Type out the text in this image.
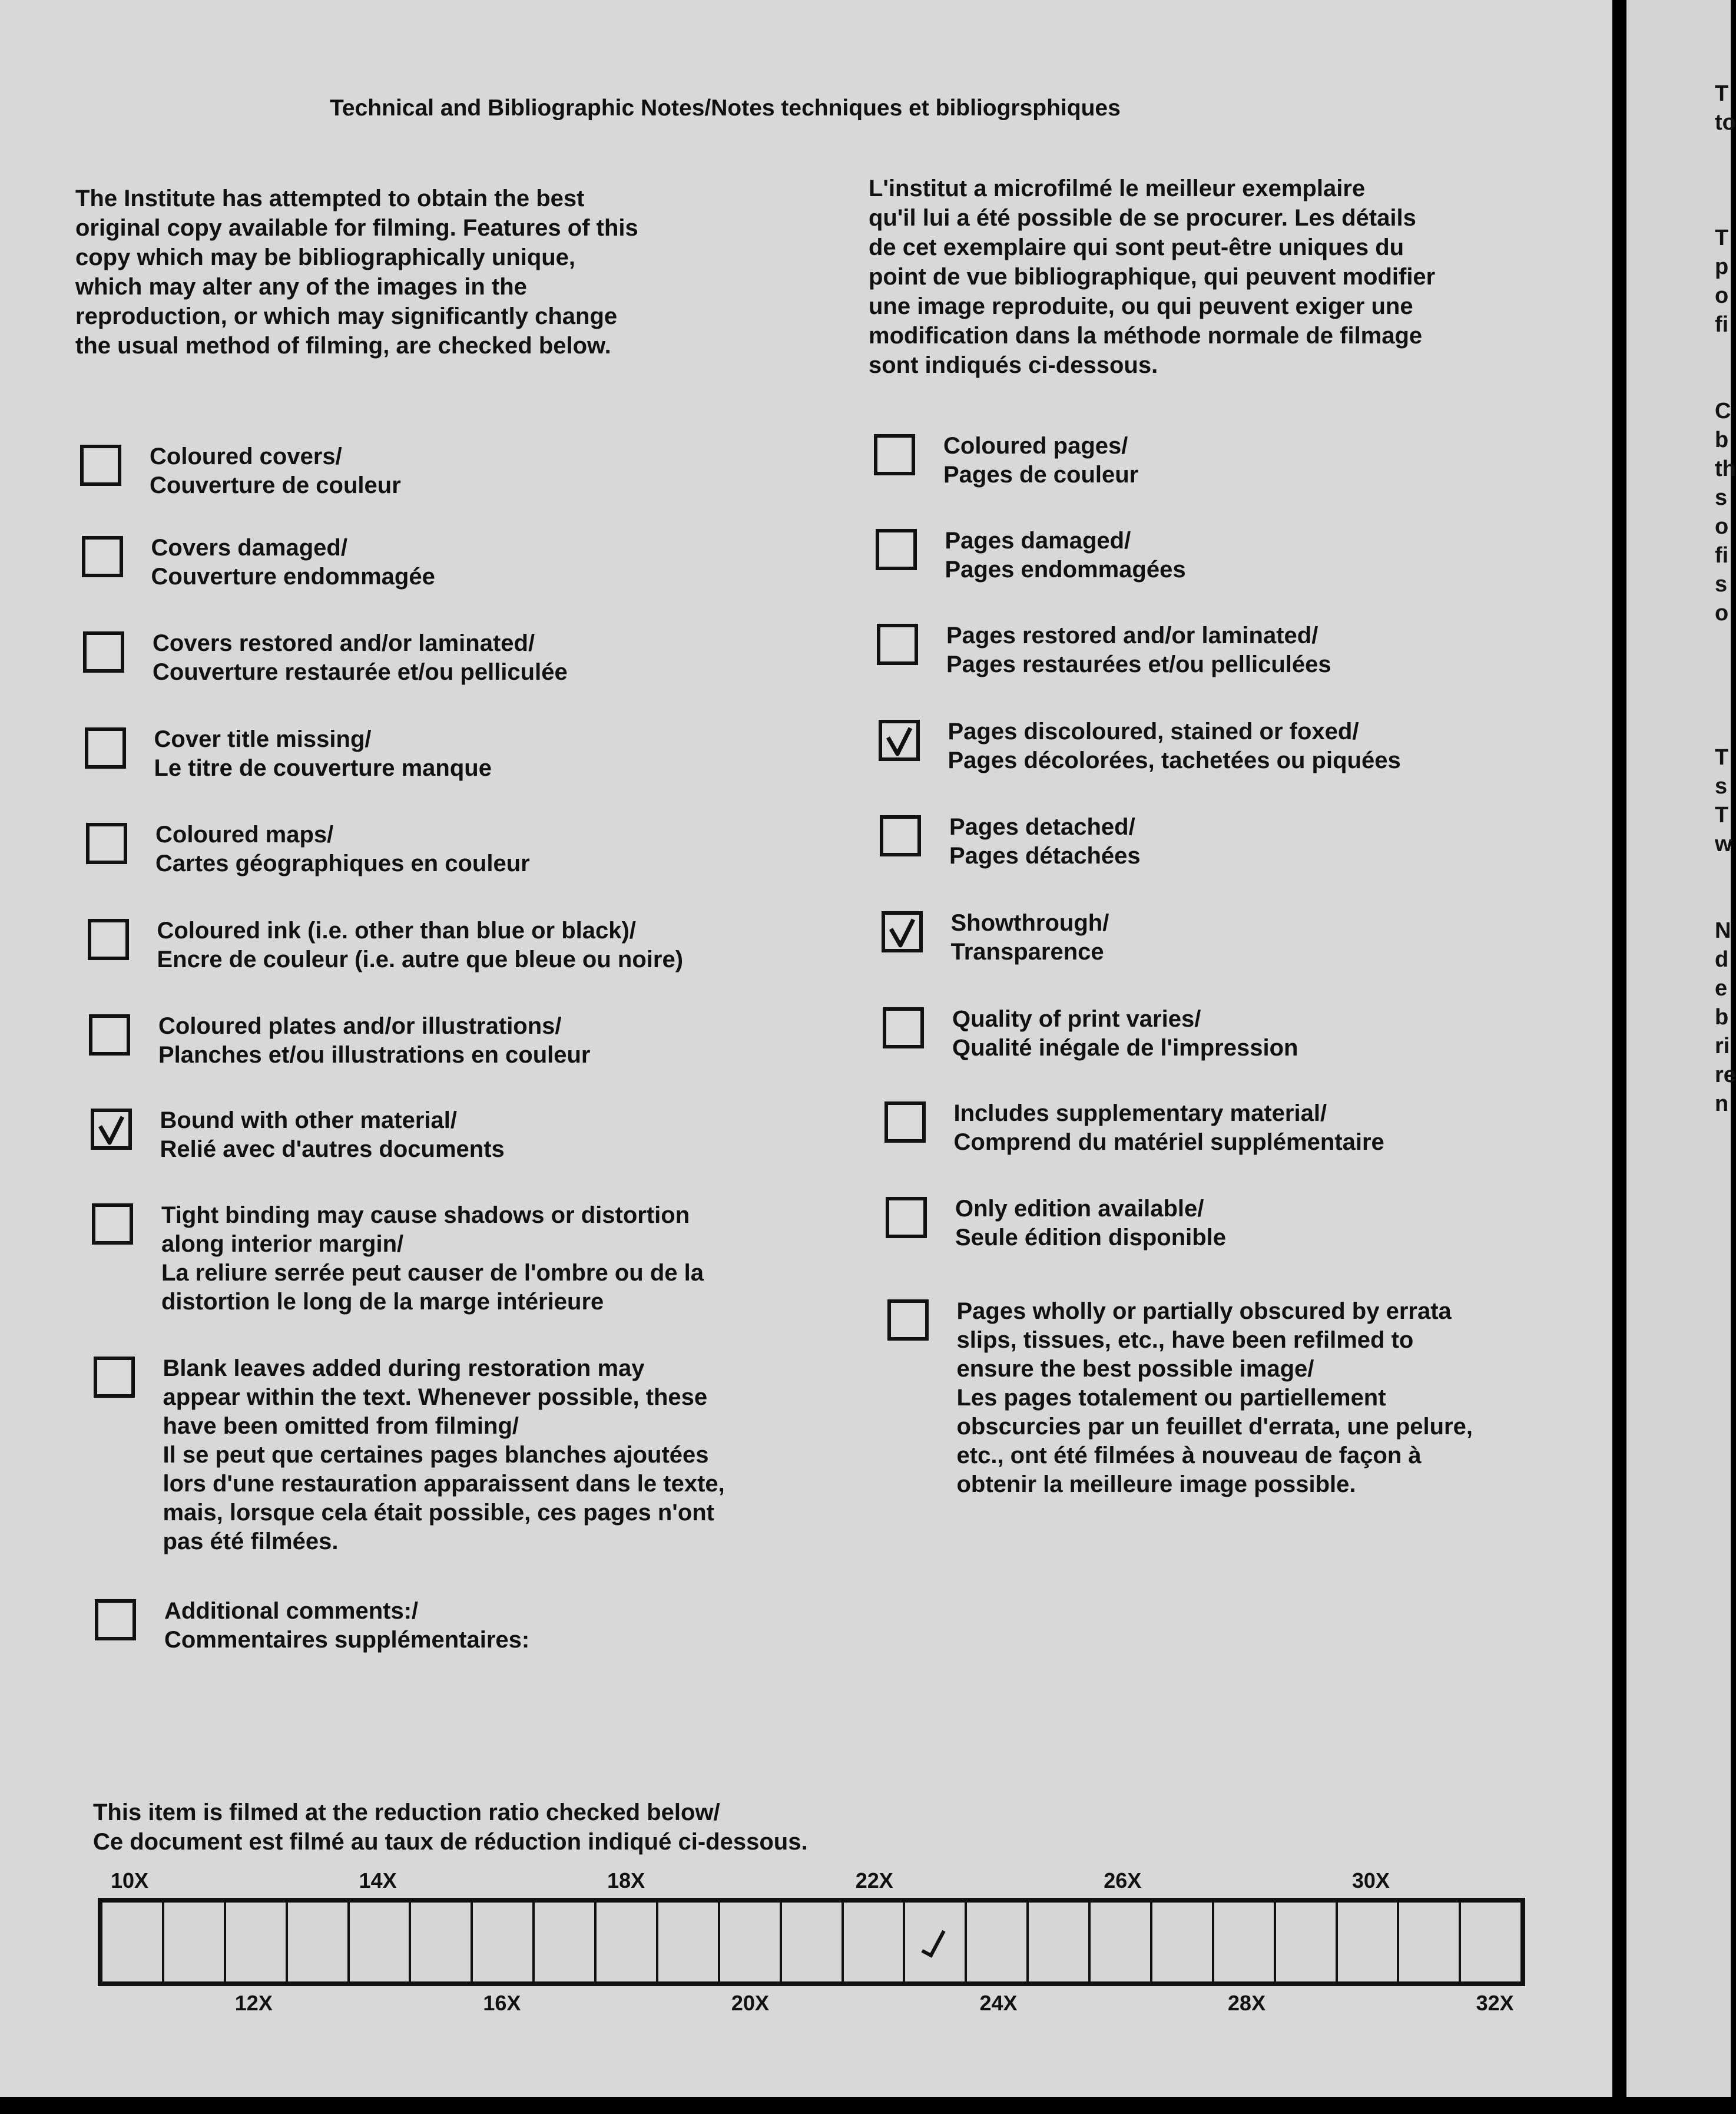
Technical and Bibliographic Notes/Notes techniques et bibliogrsphiques
The Institute has attempted to obtain the best
original copy available for filming. Features of this
copy which may be bibliographically unique,
which may alter any of the images in the
reproduction, or which may significantly change
the usual method of filming, are checked below.
L'institut a microfilmé le meilleur exemplaire
qu'il lui a été possible de se procurer. Les détails
de cet exemplaire qui sont peut-être uniques du
point de vue bibliographique, qui peuvent modifier
une image reproduite, ou qui peuvent exiger une
modification dans la méthode normale de filmage
sont indiqués ci-dessous.
Coloured covers/
Couverture de couleur
Covers damaged/
Couverture endommagée
Covers restored and/or laminated/
Couverture restaurée et/ou pelliculée
Cover title missing/
Le titre de couverture manque
Coloured maps/
Cartes géographiques en couleur
Coloured ink (i.e. other than blue or black)/
Encre de couleur (i.e. autre que bleue ou noire)
Coloured plates and/or illustrations/
Planches et/ou illustrations en couleur
Bound with other material/
Relié avec d'autres documents
Tight binding may cause shadows or distortion
along interior margin/
La reliure serrée peut causer de l'ombre ou de la
distortion le long de la marge intérieure
Blank leaves added during restoration may
appear within the text. Whenever possible, these
have been omitted from filming/
Il se peut que certaines pages blanches ajoutées
lors d'une restauration apparaissent dans le texte,
mais, lorsque cela était possible, ces pages n'ont
pas été filmées.
Additional comments:/
Commentaires supplémentaires:
Coloured pages/
Pages de couleur
Pages damaged/
Pages endommagées
Pages restored and/or laminated/
Pages restaurées et/ou pelliculées
Pages discoloured, stained or foxed/
Pages décolorées, tachetées ou piquées
Pages detached/
Pages détachées
Showthrough/
Transparence
Quality of print varies/
Qualité inégale de l'impression
Includes supplementary material/
Comprend du matériel supplémentaire
Only edition available/
Seule édition disponible
Pages wholly or partially obscured by errata
slips, tissues, etc., have been refilmed to
ensure the best possible image/
Les pages totalement ou partiellement
obscurcies par un feuillet d'errata, une pelure,
etc., ont été filmées à nouveau de façon à
obtenir la meilleure image possible.
This item is filmed at the reduction ratio checked below/
Ce document est filmé au taux de réduction indiqué ci-dessous.
10X	14X	18X	22X	26X	30X
12X	16X	20X	24X	28X	32X
T
to
T
p
o
fi
C
b
th
s
o
fi
s
o
T
s
T
w
N
d
e
b
ri
re
n
